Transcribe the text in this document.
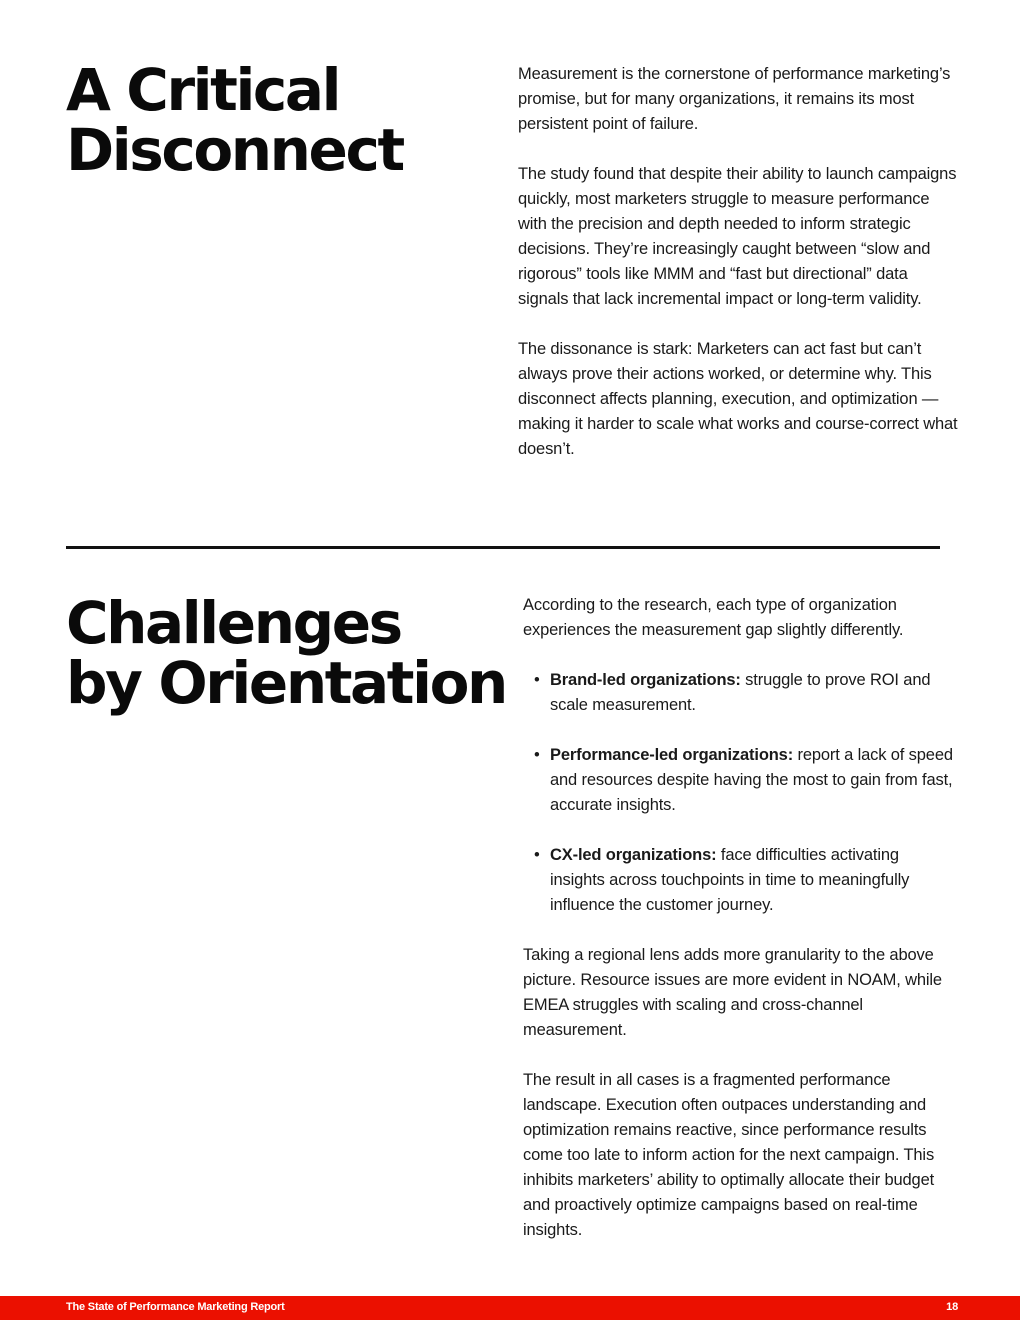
A Critical
Disconnect

Measurement is the cornerstone of performance marketing’s promise, but for many organizations, it remains its most persistent point of failure.

The study found that despite their ability to launch campaigns quickly, most marketers struggle to measure performance with the precision and depth needed to inform strategic decisions. They’re increasingly caught between “slow and rigorous” tools like MMM and “fast but directional” data signals that lack incremental impact or long-term validity.

The dissonance is stark: Marketers can act fast but can’t always prove their actions worked, or determine why. This disconnect affects planning, execution, and optimization — making it harder to scale what works and course-correct what doesn’t.

Challenges
by Orientation

According to the research, each type of organization experiences the measurement gap slightly differently.

• Brand-led organizations: struggle to prove ROI and scale measurement.
• Performance-led organizations: report a lack of speed and resources despite having the most to gain from fast, accurate insights.
• CX-led organizations: face difficulties activating insights across touchpoints in time to meaningfully influence the customer journey.

Taking a regional lens adds more granularity to the above picture. Resource issues are more evident in NOAM, while EMEA struggles with scaling and cross-channel measurement.

The result in all cases is a fragmented performance landscape. Execution often outpaces understanding and optimization remains reactive, since performance results come too late to inform action for the next campaign. This inhibits marketers’ ability to optimally allocate their budget and proactively optimize campaigns based on real-time insights.

The State of Performance Marketing Report	18
